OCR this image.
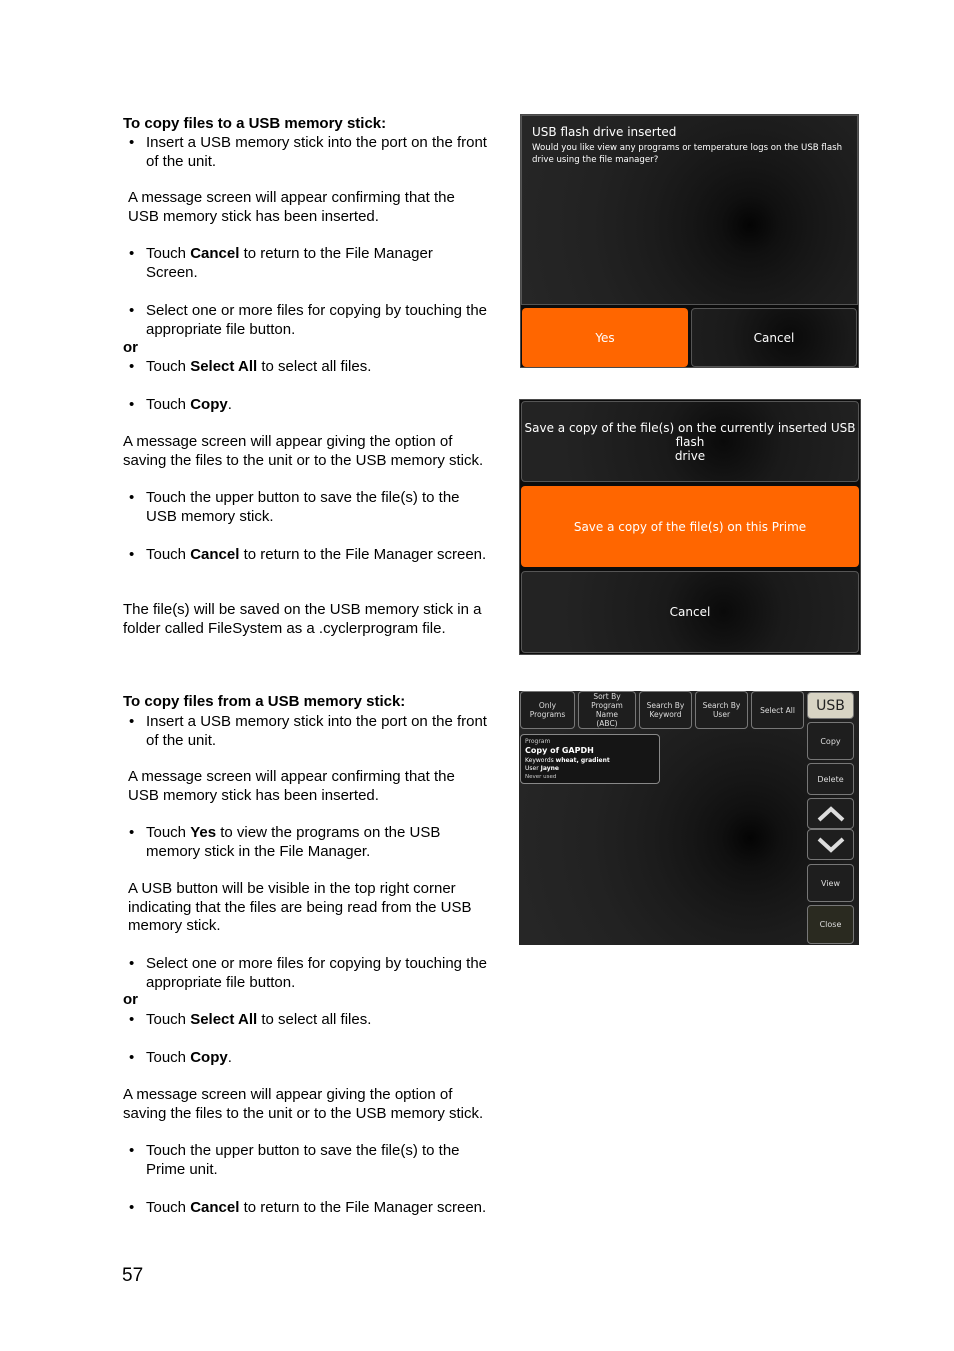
To copy files to a USB memory stick:
• Insert a USB memory stick into the port on the front
of the unit.
A message screen will appear confirming that the
USB memory stick has been inserted.
• Touch Cancel to return to the File Manager
Screen.
• Select one or more files for copying by touching the
appropriate file button.
or
• Touch Select All to select all files.
• Touch Copy.
A message screen will appear giving the option of
saving the files to the unit or to the USB memory stick.
• Touch the upper button to save the file(s) to the
USB memory stick.
• Touch Cancel to return to the File Manager screen.
The file(s) will be saved on the USB memory stick in a
folder called FileSystem as a .cyclerprogram file.
To copy files from a USB memory stick:
• Insert a USB memory stick into the port on the front
of the unit.
A message screen will appear confirming that the
USB memory stick has been inserted.
• Touch Yes to view the programs on the USB
memory stick in the File Manager.
A USB button will be visible in the top right corner
indicating that the files are being read from the USB
memory stick.
• Select one or more files for copying by touching the
appropriate file button.
or
• Touch Select All to select all files.
• Touch Copy.
A message screen will appear giving the option of
saving the files to the unit or to the USB memory stick.
• Touch the upper button to save the file(s) to the
Prime unit.
• Touch Cancel to return to the File Manager screen.
57
USB flash drive inserted
Would you like view any programs or temperature logs on the USB flash
drive using the file manager?
Yes	Cancel
Save a copy of the file(s) on the currently inserted USB flash
drive
Save a copy of the file(s) on this Prime
Cancel
Only
Programs
Sort By
Program Name
(ABC)
Search By
Keyword
Search By
User	Select All	USB
Copy
Delete
View
Close
Program
Copy of GAPDH
Keywords wheat, gradient
User Jayne
Never used
